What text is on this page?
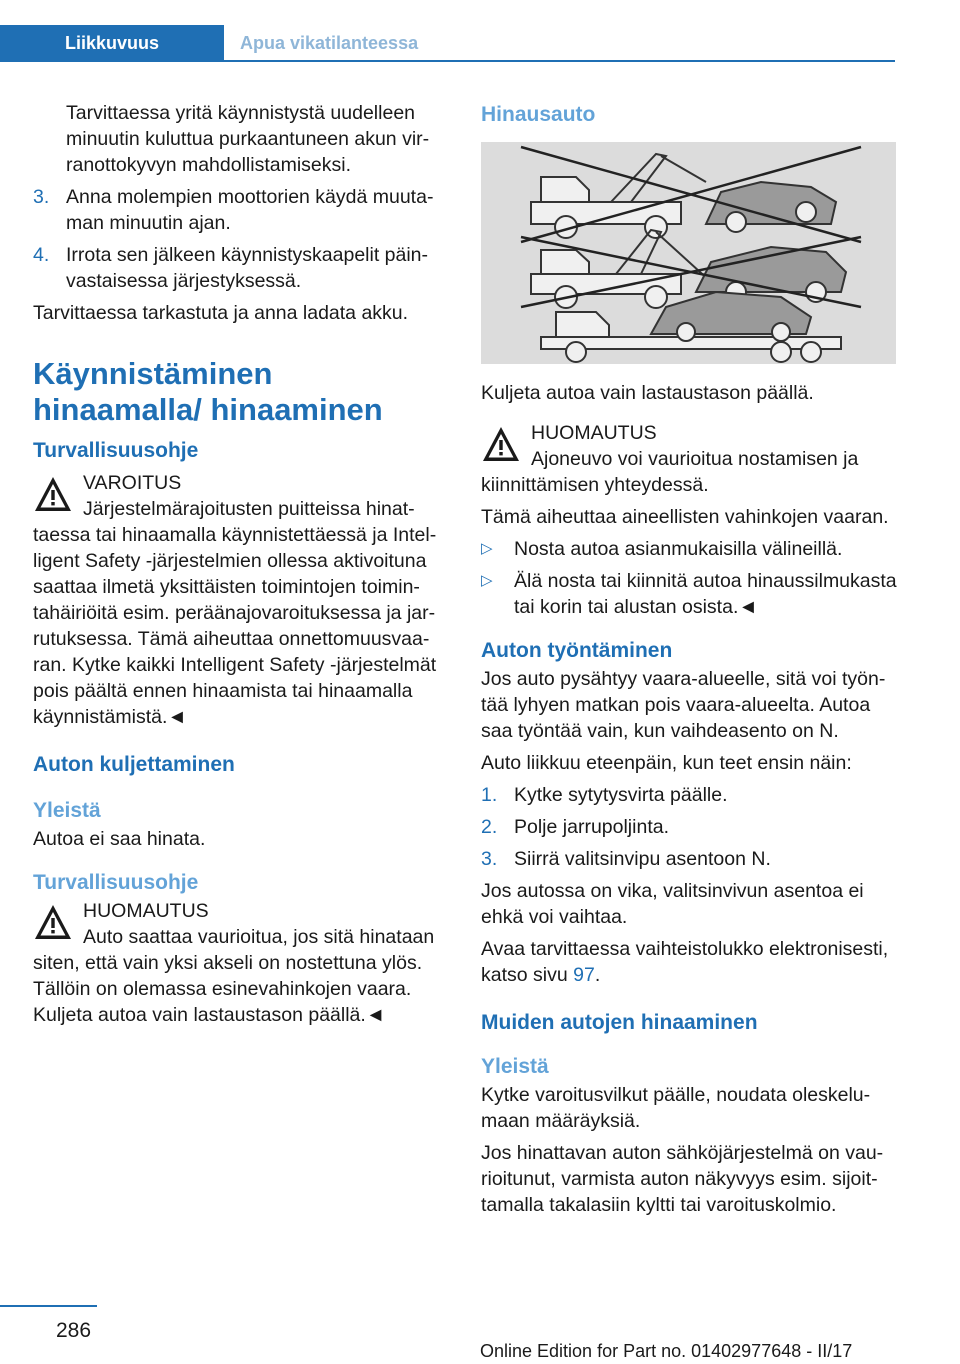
Liikkuvuus	Apua vikatilanteessa

Tarvittaessa yritä käynnistystä uudelleen minuutin kuluttua purkaantuneen akun virranottokyvyn mahdollistamiseksi.

3. Anna molempien moottorien käydä muutaman minuutin ajan.
4. Irrota sen jälkeen käynnistyskaapelit päinvastaisessa järjestyksessä.

Tarvittaessa tarkastuta ja anna ladata akku.

Käynnistäminen hinaamalla/ hinaaminen
Turvallisuusohje
VAROITUS
Järjestelmärajoitusten puitteissa hinattaessa tai hinaamalla käynnistettäessä ja Intelligent Safety -järjestelmien ollessa aktivoituna saattaa ilmetä yksittäisten toimintojen toimintahäiriöitä esim. peräänajovaroituksessa ja jarrutuksessa. Tämä aiheuttaa onnettomuusvaaran. Kytke kaikki Intelligent Safety -järjestelmät pois päältä ennen hinaamista tai hinaamalla käynnistämistä.◄
Auton kuljettaminen
Yleistä

Autoa ei saa hinata.

Turvallisuusohje
HUOMAUTUS
Auto saattaa vaurioitua, jos sitä hinataan siten, että vain yksi akseli on nostettuna ylös. Tällöin on olemassa esinevahinkojen vaara. Kuljeta autoa vain lastaustason päällä.◄
Hinausauto

Kuljeta autoa vain lastaustason päällä.

HUOMAUTUS
Ajoneuvo voi vaurioitua nostamisen ja kiinnittämisen yhteydessä.

Tämä aiheuttaa aineellisten vahinkojen vaaran.

▷	Nosta autoa asianmukaisilla välineillä.
▷	Älä nosta tai kiinnitä autoa hinaussilmukasta tai korin tai alustan osista.◄
Auton työntäminen

Jos auto pysähtyy vaara-alueelle, sitä voi työntää lyhyen matkan pois vaara-alueelta. Autoa saa työntää vain, kun vaihdeasento on N.

Auto liikkuu eteenpäin, kun teet ensin näin:

1. Kytke sytytysvirta päälle.
2. Polje jarrupoljinta.
3. Siirrä valitsinvipu asentoon N.

Jos autossa on vika, valitsinvivun asentoa ei ehkä voi vaihtaa.

Avaa tarvittaessa vaihteistolukko elektronisesti, katso sivu 97.

Muiden autojen hinaaminen
Yleistä

Kytke varoitusvilkut päälle, noudata oleskelumaan määräyksiä.

Jos hinattavan auton sähköjärjestelmä on vaurioitunut, varmista auton näkyvyys esim. sijoittamalla takalasiin kyltti tai varoituskolmio.

286
Online Edition for Part no. 01402977648 - II/17
